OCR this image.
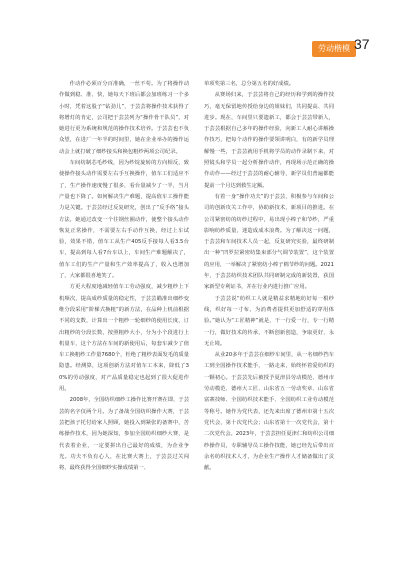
劳动楷模 37

作动作必须百分百准确，一丝不苟。为了将操作动作做到稳、准、快，她每天下班后都会加班练习一个多小时，凭着这股子“钻劲儿”，于芸芸将操作技术获得了将增灯的肯定，公司把于芸芸列为“操作骨干队员”，对她进行更为系统和规范的操作技术培养。于芸芸也不负众望，在进厂一年半的时间里，她在企业举办的操作运动会上就打破了细纱接头和换包粗纱两项公司纪录。

车间纺制芯毛纱线，因为纱锭旋转的方向相反，致使操作接头动作需要左右手互换操作，值车工们适应不了，生产操作速度慢了很多，看台量减少了一半，当月产量也下降了。如何解决生产难题，提高值车工操作能力是关键。于芸芸经过反复研究，创出了“反手络”接头方法，她通过改变一个往钢丝圈动作，使整个接头动作恢复正常操作，不需要左右手动作互换，经过上车试验，效果不错，值车工从生产405反手接每人看3.5台车，提高到每人看7台车以上，车间生产难题解决了，值车工们的生产产量和生产效率提高了，收入也增加了，大家都很喜地笑了。

方更大程度地减轻值车工劳动强度，减少粗纱上下机频次，提高成纱质量的稳定性，于芸芸瞄准出细纱变维分段采用“阶梯式换粗”的新方法，在品种上机前根据不同的支数，计算出一个粗纱一轮细纱的使用长度，订出粗纱的分段长数，按照粗纱大小，分为小个段进行上机量车，这个方法在车间的新使用后，每套车减少了值车工换粗纱工作量7680个，杜绝了粗纱表面发毛的质量隐患。经测算，这项创新方法对值车工本来，降低了30%的劳动强度，对产品质量稳定也起到了很大促进作用。

2008年，全国纺织细纱工操作比赛开赛在即，于芸芸的名字仅两个月。为了备战全国纺织操作大赛，于芸芸把孩子托付给家人照顾，她投入到紧张的备赛中，苦练操作技术，因为她深知，参加全国纺织细纱大赛，是代表着企业，一定要拼出自己最好的成绩，为企业争光。功夫不负有心人，在比赛大赛上，于芸芸过关闯将，最终获得全国细纱实操成绩第一、

单项奖第三名，总分第五名的好成绩。

从赛场归来，于芸芸将自己的经历和学到的操作技巧，毫无保留地传授给身边的姐妹们，共同提高、共同进步。现在，车间里只要遗新工，都会于芸芸带新人，于芸芸根据自己多年的操作经验，向新工人耐心讲解操作技巧，把每个动作的操作要领讲明白，有的新学员理解慢一些，于芸芸就用手机将学员的动作录制下来，对照镜头和学员一起分析操作动作，再现场示范正确的操作动作——经过于芸芸的耐心辅导，新学员们普遍都能提前一个月达到救生定额。

有着一身“操作功夫”的于芸芸，积极参与车间和公司的创新攻关工作中，协助新技术，新项目的推进。在公司紧密纺的纺纱过程中，易出现小棒子和节纱，严重影响纺纱质量，迷造成成本浪费。为了解决这一问题，于芸芸和车间技术人员一起，反复研究实验，最终研制出一种“凹罗拉紧密纺集束部分气调节装置”，这个装置的应用，一举解决了紧密纺小棒子棉节纱的问题。2021年，于芸芸纺织技术团队共同研制完成的新装置，获国家新型专利证书，并在行业内进行推广应用。

于芸芸说“纺织工人就是精益求精地纺好每一根纱线，织好每一寸布，为消费者提供更加舒适的穿用体验。”她认为“工匠精神”就是，干一行爱一行，专一行精一行，做好技术的传承，不断创新创造，争取更好、永无止境。

从业20多年于芸芸在细纱车间里，从一名细纱挡车工到全国操作技术能手，一路走来，始终怀着爱纺织的一颗初心。于芸芸先后被授予夏津县劳动模范、德州市劳动模范、德州大工匠、山东省五一劳动奖章、山东省富寨技师、全国纺织技术能手、全国纺织工业劳动模范等称号。她作为党代表，还先来出席了德州市第十五次党代会，第十次党代会；山东省第十一次党代会，第十二次党代会。2023年，于芸芸担任夏津仁和纺织公司细纱操作员，专职辅导员工操作技能，她已经先后带出百余名纺织技术人才，为企业生产操作人才储备做出了贡献。
